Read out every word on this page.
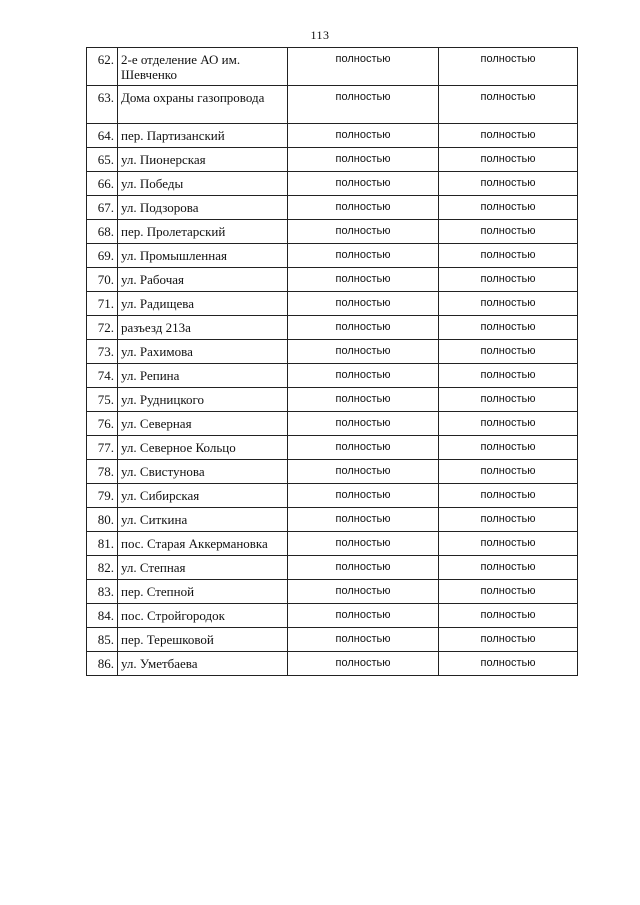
113
62.	2-е отделение АО им. Шевченко	полностью	полностью
63.	Дома охраны газопровода	полностью	полностью
64.	пер. Партизанский	полностью	полностью
65.	ул. Пионерская	полностью	полностью
66.	ул. Победы	полностью	полностью
67.	ул. Подзорова	полностью	полностью
68.	пер. Пролетарский	полностью	полностью
69.	ул. Промышленная	полностью	полностью
70.	ул. Рабочая	полностью	полностью
71.	ул. Радищева	полностью	полностью
72.	разъезд 213а	полностью	полностью
73.	ул. Рахимова	полностью	полностью
74.	ул. Репина	полностью	полностью
75.	ул. Рудницкого	полностью	полностью
76.	ул. Северная	полностью	полностью
77.	ул. Северное Кольцо	полностью	полностью
78.	ул. Свистунова	полностью	полностью
79.	ул. Сибирская	полностью	полностью
80.	ул. Ситкина	полностью	полностью
81.	пос. Старая Аккермановка	полностью	полностью
82.	ул. Степная	полностью	полностью
83.	пер. Степной	полностью	полностью
84.	пос. Стройгородок	полностью	полностью
85.	пер. Терешковой	полностью	полностью
86.	ул. Уметбаева	полностью	полностью
